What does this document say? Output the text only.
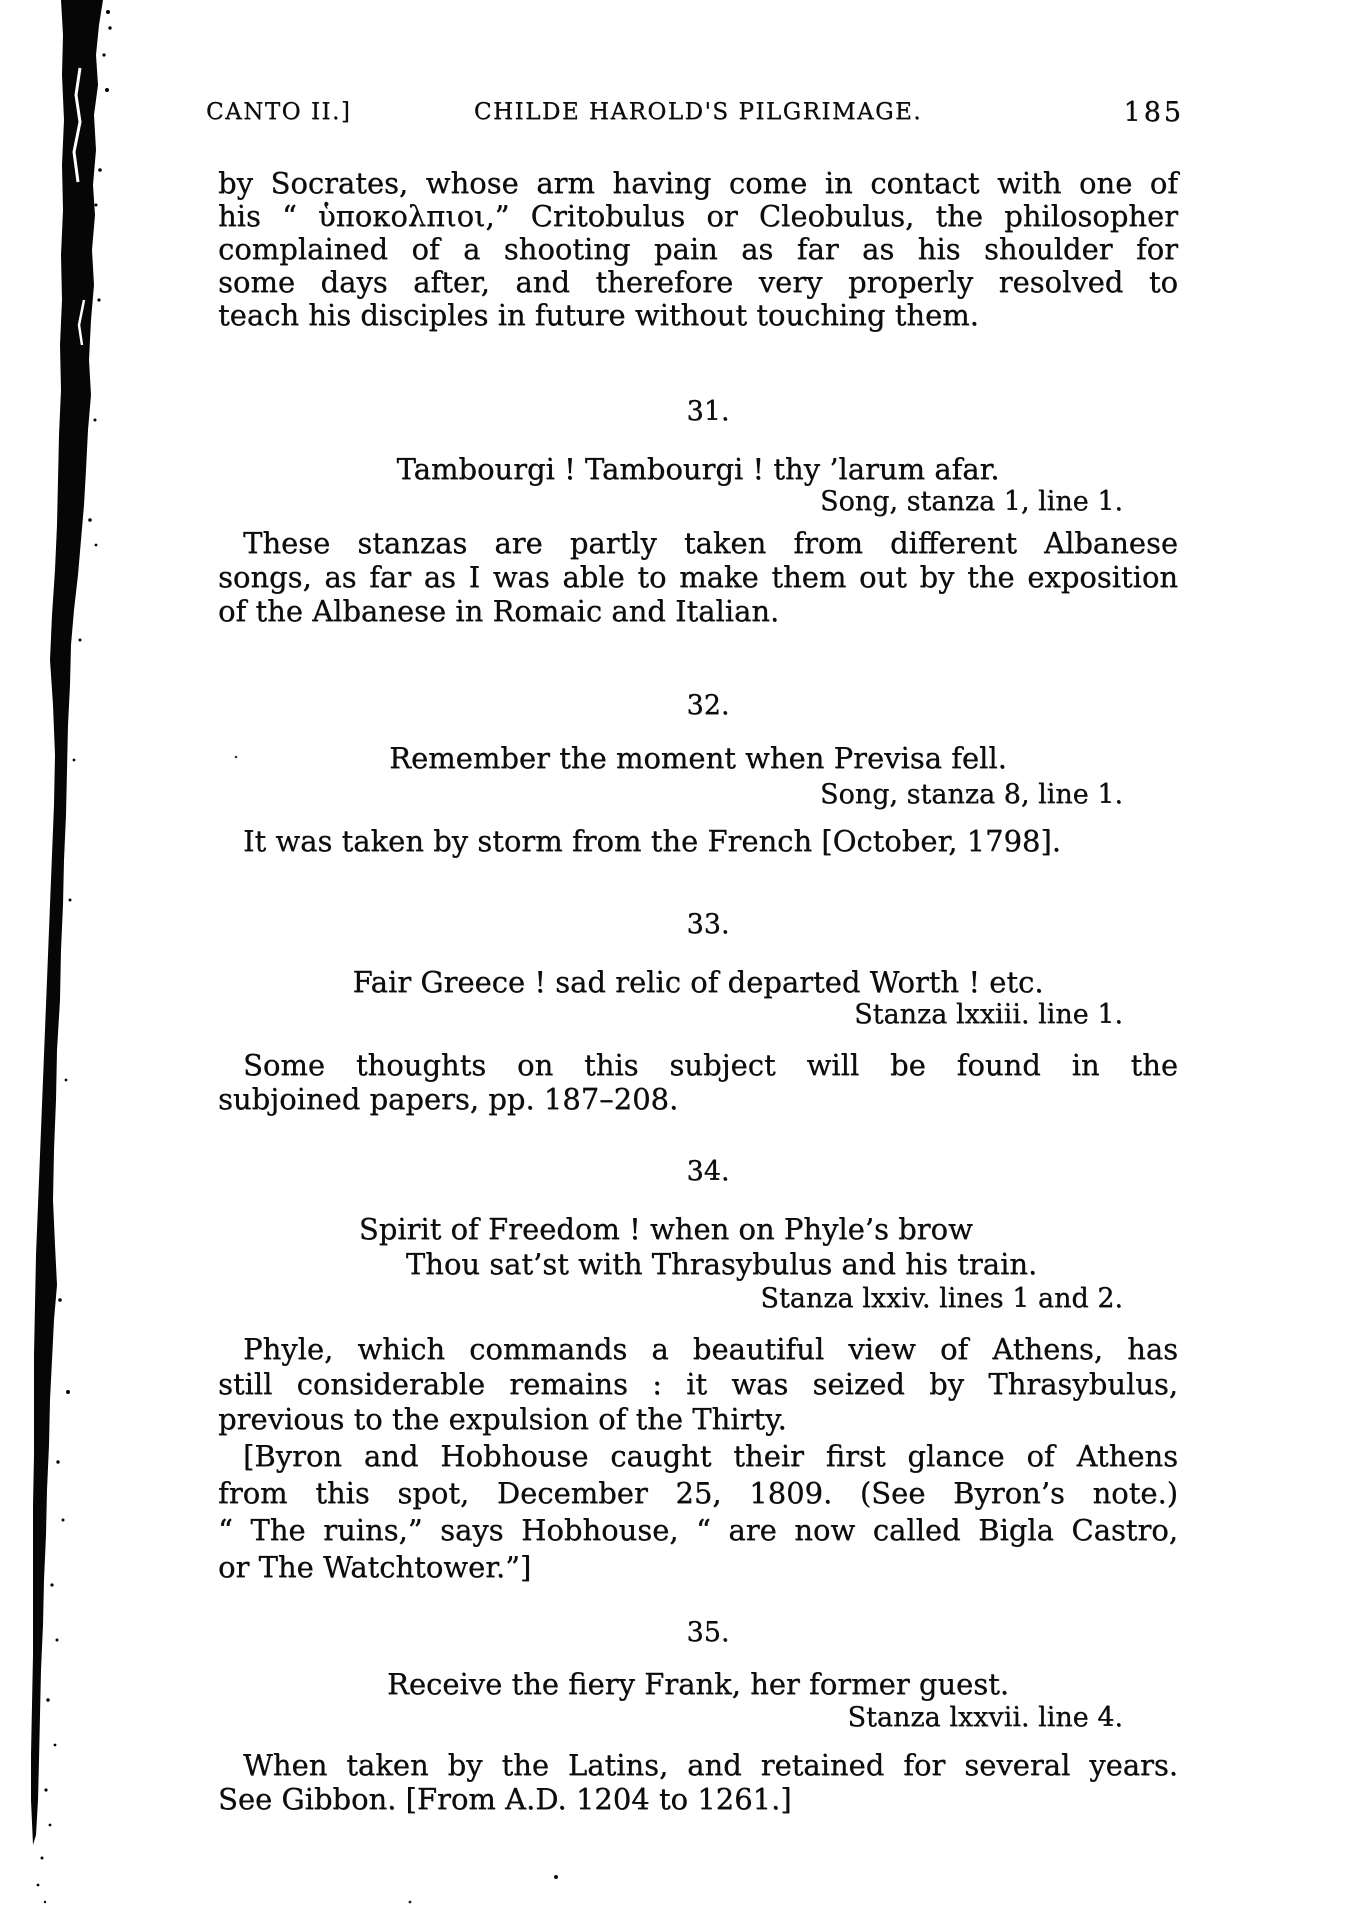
CANTO II.]	CHILDE HAROLD'S PILGRIMAGE.	185
by Socrates, whose arm having come in contact with one of
his “ ὑποκολπιοι,” Critobulus or Cleobulus, the philosopher
complained of a shooting pain as far as his shoulder for
some days after, and therefore very properly resolved to
teach his disciples in future without touching them.
31.
Tambourgi ! Tambourgi ! thy ’larum afar.
Song, stanza 1, line 1.
These stanzas are partly taken from different Albanese
songs, as far as I was able to make them out by the exposition
of the Albanese in Romaic and Italian.
32.
Remember the moment when Previsa fell.
Song, stanza 8, line 1.
It was taken by storm from the French [October, 1798].
33.
Fair Greece ! sad relic of departed Worth ! etc.
Stanza lxxiii. line 1.
Some thoughts on this subject will be found in the
subjoined papers, pp. 187–208.
34.
Spirit of Freedom ! when on Phyle’s brow
Thou sat’st with Thrasybulus and his train.
Stanza lxxiv. lines 1 and 2.
Phyle, which commands a beautiful view of Athens, has
still considerable remains : it was seized by Thrasybulus,
previous to the expulsion of the Thirty.
[Byron and Hobhouse caught their first glance of Athens
from this spot, December 25, 1809. (See Byron’s note.)
“ The ruins,” says Hobhouse, “ are now called Bigla Castro,
or The Watchtower.”]
35.
Receive the fiery Frank, her former guest.
Stanza lxxvii. line 4.
When taken by the Latins, and retained for several years.
See Gibbon. [From A.D. 1204 to 1261.]
